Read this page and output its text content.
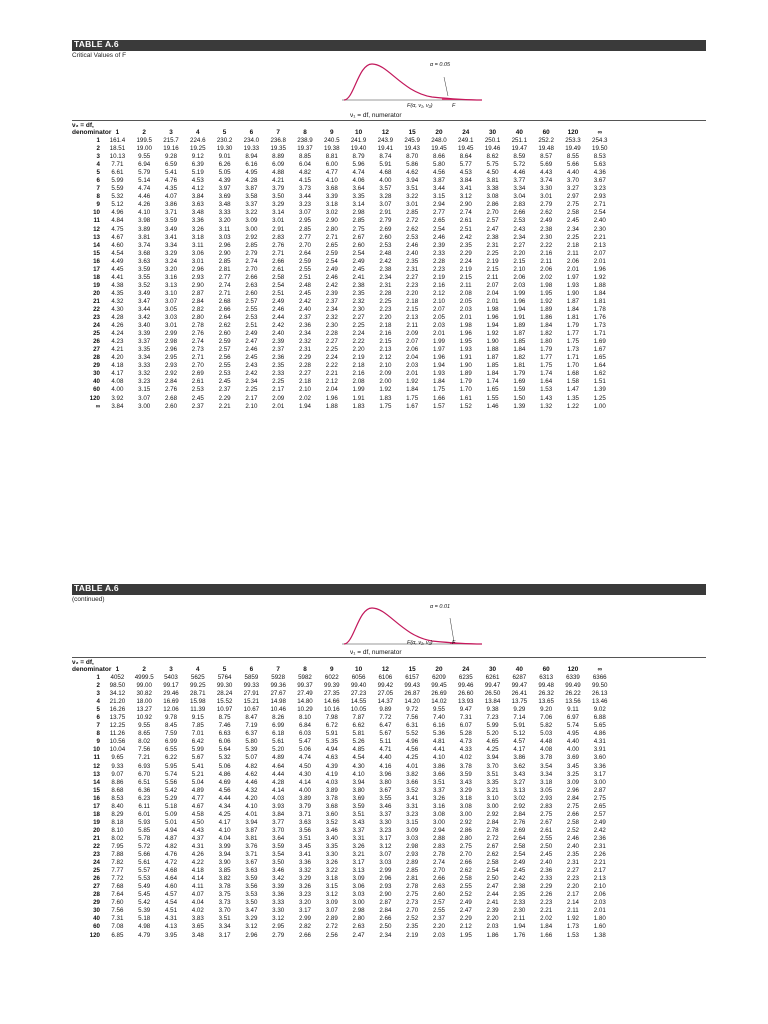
TABLE A.6
Critical Values of F
α = 0.05
F(α, ν₁, ν₂)	F
ν₁ = df, numerator
ν₂ = df,
denominator
	1	2	3	4	5	6	7	8	9	10	12	15	20	24	30	40	60	120	∞
1	161.4	199.5	215.7	224.6	230.2	234.0	236.8	238.9	240.5	241.9	243.9	245.9	248.0	249.1	250.1	251.1	252.2	253.3	254.3
2	18.51	19.00	19.16	19.25	19.30	19.33	19.35	19.37	19.38	19.40	19.41	19.43	19.45	19.45	19.46	19.47	19.48	19.49	19.50
3	10.13	9.55	9.28	9.12	9.01	8.94	8.89	8.85	8.81	8.79	8.74	8.70	8.66	8.64	8.62	8.59	8.57	8.55	8.53
4	7.71	6.94	6.59	6.39	6.26	6.16	6.09	6.04	6.00	5.96	5.91	5.86	5.80	5.77	5.75	5.72	5.69	5.66	5.63
5	6.61	5.79	5.41	5.19	5.05	4.95	4.88	4.82	4.77	4.74	4.68	4.62	4.56	4.53	4.50	4.46	4.43	4.40	4.36
6	5.99	5.14	4.76	4.53	4.39	4.28	4.21	4.15	4.10	4.06	4.00	3.94	3.87	3.84	3.81	3.77	3.74	3.70	3.67
7	5.59	4.74	4.35	4.12	3.97	3.87	3.79	3.73	3.68	3.64	3.57	3.51	3.44	3.41	3.38	3.34	3.30	3.27	3.23
8	5.32	4.46	4.07	3.84	3.69	3.58	3.50	3.44	3.39	3.35	3.28	3.22	3.15	3.12	3.08	3.04	3.01	2.97	2.93
9	5.12	4.26	3.86	3.63	3.48	3.37	3.29	3.23	3.18	3.14	3.07	3.01	2.94	2.90	2.86	2.83	2.79	2.75	2.71
10	4.96	4.10	3.71	3.48	3.33	3.22	3.14	3.07	3.02	2.98	2.91	2.85	2.77	2.74	2.70	2.66	2.62	2.58	2.54
11	4.84	3.98	3.59	3.36	3.20	3.09	3.01	2.95	2.90	2.85	2.79	2.72	2.65	2.61	2.57	2.53	2.49	2.45	2.40
12	4.75	3.89	3.49	3.26	3.11	3.00	2.91	2.85	2.80	2.75	2.69	2.62	2.54	2.51	2.47	2.43	2.38	2.34	2.30
13	4.67	3.81	3.41	3.18	3.03	2.92	2.83	2.77	2.71	2.67	2.60	2.53	2.46	2.42	2.38	2.34	2.30	2.25	2.21
14	4.60	3.74	3.34	3.11	2.96	2.85	2.76	2.70	2.65	2.60	2.53	2.46	2.39	2.35	2.31	2.27	2.22	2.18	2.13
15	4.54	3.68	3.29	3.06	2.90	2.79	2.71	2.64	2.59	2.54	2.48	2.40	2.33	2.29	2.25	2.20	2.16	2.11	2.07
16	4.49	3.63	3.24	3.01	2.85	2.74	2.66	2.59	2.54	2.49	2.42	2.35	2.28	2.24	2.19	2.15	2.11	2.06	2.01
17	4.45	3.59	3.20	2.96	2.81	2.70	2.61	2.55	2.49	2.45	2.38	2.31	2.23	2.19	2.15	2.10	2.06	2.01	1.96
18	4.41	3.55	3.16	2.93	2.77	2.66	2.58	2.51	2.46	2.41	2.34	2.27	2.19	2.15	2.11	2.06	2.02	1.97	1.92
19	4.38	3.52	3.13	2.90	2.74	2.63	2.54	2.48	2.42	2.38	2.31	2.23	2.16	2.11	2.07	2.03	1.98	1.93	1.88
20	4.35	3.49	3.10	2.87	2.71	2.60	2.51	2.45	2.39	2.35	2.28	2.20	2.12	2.08	2.04	1.99	1.95	1.90	1.84
21	4.32	3.47	3.07	2.84	2.68	2.57	2.49	2.42	2.37	2.32	2.25	2.18	2.10	2.05	2.01	1.96	1.92	1.87	1.81
22	4.30	3.44	3.05	2.82	2.66	2.55	2.46	2.40	2.34	2.30	2.23	2.15	2.07	2.03	1.98	1.94	1.89	1.84	1.78
23	4.28	3.42	3.03	2.80	2.64	2.53	2.44	2.37	2.32	2.27	2.20	2.13	2.05	2.01	1.96	1.91	1.86	1.81	1.76
24	4.26	3.40	3.01	2.78	2.62	2.51	2.42	2.36	2.30	2.25	2.18	2.11	2.03	1.98	1.94	1.89	1.84	1.79	1.73
25	4.24	3.39	2.99	2.76	2.60	2.49	2.40	2.34	2.28	2.24	2.16	2.09	2.01	1.96	1.92	1.87	1.82	1.77	1.71
26	4.23	3.37	2.98	2.74	2.59	2.47	2.39	2.32	2.27	2.22	2.15	2.07	1.99	1.95	1.90	1.85	1.80	1.75	1.69
27	4.21	3.35	2.96	2.73	2.57	2.46	2.37	2.31	2.25	2.20	2.13	2.06	1.97	1.93	1.88	1.84	1.79	1.73	1.67
28	4.20	3.34	2.95	2.71	2.56	2.45	2.36	2.29	2.24	2.19	2.12	2.04	1.96	1.91	1.87	1.82	1.77	1.71	1.65
29	4.18	3.33	2.93	2.70	2.55	2.43	2.35	2.28	2.22	2.18	2.10	2.03	1.94	1.90	1.85	1.81	1.75	1.70	1.64
30	4.17	3.32	2.92	2.69	2.53	2.42	2.33	2.27	2.21	2.16	2.09	2.01	1.93	1.89	1.84	1.79	1.74	1.68	1.62
40	4.08	3.23	2.84	2.61	2.45	2.34	2.25	2.18	2.12	2.08	2.00	1.92	1.84	1.79	1.74	1.69	1.64	1.58	1.51
60	4.00	3.15	2.76	2.53	2.37	2.25	2.17	2.10	2.04	1.99	1.92	1.84	1.75	1.70	1.65	1.59	1.53	1.47	1.39
120	3.92	3.07	2.68	2.45	2.29	2.17	2.09	2.02	1.96	1.91	1.83	1.75	1.66	1.61	1.55	1.50	1.43	1.35	1.25
∞	3.84	3.00	2.60	2.37	2.21	2.10	2.01	1.94	1.88	1.83	1.75	1.67	1.57	1.52	1.46	1.39	1.32	1.22	1.00
TABLE A.6
(continued)
α = 0.01
F(α, ν₁, ν₂)	F
ν₁ = df, numerator
ν₂ = df,
denominator
	1	2	3	4	5	6	7	8	9	10	12	15	20	24	30	40	60	120	∞
1	4052	4999.5	5403	5625	5764	5859	5928	5982	6022	6056	6106	6157	6209	6235	6261	6287	6313	6339	6366
2	98.50	99.00	99.17	99.25	99.30	99.33	99.36	99.37	99.39	99.40	99.42	99.43	99.45	99.46	99.47	99.47	99.48	99.49	99.50
3	34.12	30.82	29.46	28.71	28.24	27.91	27.67	27.49	27.35	27.23	27.05	26.87	26.69	26.60	26.50	26.41	26.32	26.22	26.13
4	21.20	18.00	16.69	15.98	15.52	15.21	14.98	14.80	14.66	14.55	14.37	14.20	14.02	13.93	13.84	13.75	13.65	13.56	13.46
5	16.26	13.27	12.06	11.39	10.97	10.67	10.46	10.29	10.16	10.05	9.89	9.72	9.55	9.47	9.38	9.29	9.20	9.11	9.02
6	13.75	10.92	9.78	9.15	8.75	8.47	8.26	8.10	7.98	7.87	7.72	7.56	7.40	7.31	7.23	7.14	7.06	6.97	6.88
7	12.25	9.55	8.45	7.85	7.46	7.19	6.99	6.84	6.72	6.62	6.47	6.31	6.16	6.07	5.99	5.91	5.82	5.74	5.65
8	11.26	8.65	7.59	7.01	6.63	6.37	6.18	6.03	5.91	5.81	5.67	5.52	5.36	5.28	5.20	5.12	5.03	4.95	4.86
9	10.56	8.02	6.99	6.42	6.06	5.80	5.61	5.47	5.35	5.26	5.11	4.96	4.81	4.73	4.65	4.57	4.48	4.40	4.31
10	10.04	7.56	6.55	5.99	5.64	5.39	5.20	5.06	4.94	4.85	4.71	4.56	4.41	4.33	4.25	4.17	4.08	4.00	3.91
11	9.65	7.21	6.22	5.67	5.32	5.07	4.89	4.74	4.63	4.54	4.40	4.25	4.10	4.02	3.94	3.86	3.78	3.69	3.60
12	9.33	6.93	5.95	5.41	5.06	4.82	4.64	4.50	4.39	4.30	4.16	4.01	3.86	3.78	3.70	3.62	3.54	3.45	3.36
13	9.07	6.70	5.74	5.21	4.86	4.62	4.44	4.30	4.19	4.10	3.96	3.82	3.66	3.59	3.51	3.43	3.34	3.25	3.17
14	8.86	6.51	5.56	5.04	4.69	4.46	4.28	4.14	4.03	3.94	3.80	3.66	3.51	3.43	3.35	3.27	3.18	3.09	3.00
15	8.68	6.36	5.42	4.89	4.56	4.32	4.14	4.00	3.89	3.80	3.67	3.52	3.37	3.29	3.21	3.13	3.05	2.96	2.87
16	8.53	6.23	5.29	4.77	4.44	4.20	4.03	3.89	3.78	3.69	3.55	3.41	3.26	3.18	3.10	3.02	2.93	2.84	2.75
17	8.40	6.11	5.18	4.67	4.34	4.10	3.93	3.79	3.68	3.59	3.46	3.31	3.16	3.08	3.00	2.92	2.83	2.75	2.65
18	8.29	6.01	5.09	4.58	4.25	4.01	3.84	3.71	3.60	3.51	3.37	3.23	3.08	3.00	2.92	2.84	2.75	2.66	2.57
19	8.18	5.93	5.01	4.50	4.17	3.94	3.77	3.63	3.52	3.43	3.30	3.15	3.00	2.92	2.84	2.76	2.67	2.58	2.49
20	8.10	5.85	4.94	4.43	4.10	3.87	3.70	3.56	3.46	3.37	3.23	3.09	2.94	2.86	2.78	2.69	2.61	2.52	2.42
21	8.02	5.78	4.87	4.37	4.04	3.81	3.64	3.51	3.40	3.31	3.17	3.03	2.88	2.80	2.72	2.64	2.55	2.46	2.36
22	7.95	5.72	4.82	4.31	3.99	3.76	3.59	3.45	3.35	3.26	3.12	2.98	2.83	2.75	2.67	2.58	2.50	2.40	2.31
23	7.88	5.66	4.76	4.26	3.94	3.71	3.54	3.41	3.30	3.21	3.07	2.93	2.78	2.70	2.62	2.54	2.45	2.35	2.26
24	7.82	5.61	4.72	4.22	3.90	3.67	3.50	3.36	3.26	3.17	3.03	2.89	2.74	2.66	2.58	2.49	2.40	2.31	2.21
25	7.77	5.57	4.68	4.18	3.85	3.63	3.46	3.32	3.22	3.13	2.99	2.85	2.70	2.62	2.54	2.45	2.36	2.27	2.17
26	7.72	5.53	4.64	4.14	3.82	3.59	3.42	3.29	3.18	3.09	2.96	2.81	2.66	2.58	2.50	2.42	2.33	2.23	2.13
27	7.68	5.49	4.60	4.11	3.78	3.56	3.39	3.26	3.15	3.06	2.93	2.78	2.63	2.55	2.47	2.38	2.29	2.20	2.10
28	7.64	5.45	4.57	4.07	3.75	3.53	3.36	3.23	3.12	3.03	2.90	2.75	2.60	2.52	2.44	2.35	2.26	2.17	2.06
29	7.60	5.42	4.54	4.04	3.73	3.50	3.33	3.20	3.09	3.00	2.87	2.73	2.57	2.49	2.41	2.33	2.23	2.14	2.03
30	7.56	5.39	4.51	4.02	3.70	3.47	3.30	3.17	3.07	2.98	2.84	2.70	2.55	2.47	2.39	2.30	2.21	2.11	2.01
40	7.31	5.18	4.31	3.83	3.51	3.29	3.12	2.99	2.89	2.80	2.66	2.52	2.37	2.29	2.20	2.11	2.02	1.92	1.80
60	7.08	4.98	4.13	3.65	3.34	3.12	2.95	2.82	2.72	2.63	2.50	2.35	2.20	2.12	2.03	1.94	1.84	1.73	1.60
120	6.85	4.79	3.95	3.48	3.17	2.96	2.79	2.66	2.56	2.47	2.34	2.19	2.03	1.95	1.86	1.76	1.66	1.53	1.38
